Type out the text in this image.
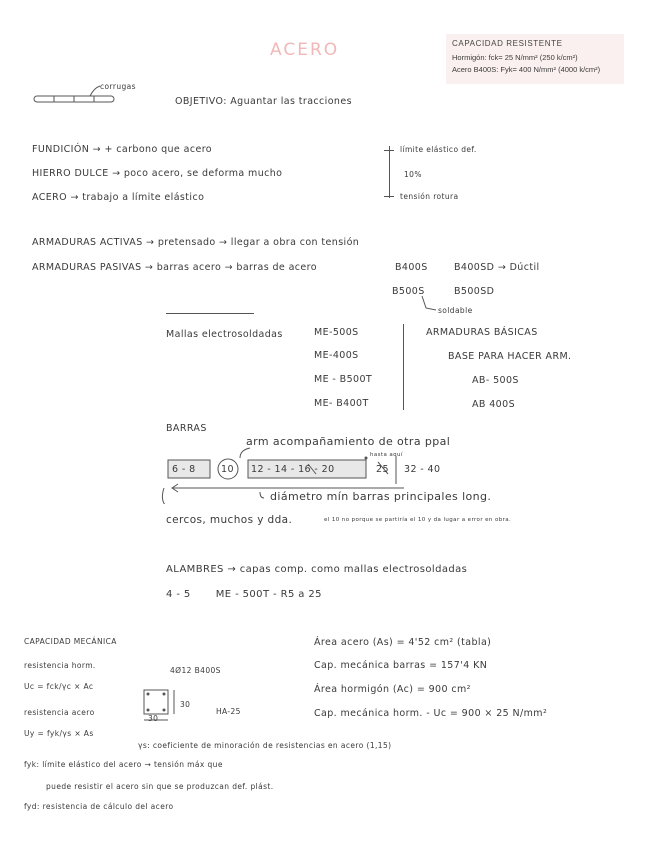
ACERO	CAPACIDAD RESISTENTE
Hormigón: fck= 25 N/mm² (250 k/cm²)
Acero B400S: Fyk= 400 N/mm² (4000 k/cm²)
corrugas
OBJETIVO: Aguantar las tracciones
FUNDICIÓN → + carbono que acero
HIERRO DULCE → poco acero, se deforma mucho
ACERO → trabajo a límite elástico
límite elástico def.
10%
tensión rotura
ARMADURAS ACTIVAS → pretensado → llegar a obra con tensión
ARMADURAS PASIVAS → barras acero → barras de acero	B400S	B400SD → Dúctil
B500S	B500SD
soldable
Mallas electrosoldadas	ME-500S
ME-400S
ME - B500T
ME- B400T
ARMADURAS BÁSICAS
BASE PARA HACER ARM.
AB- 500S
AB 400S
BARRAS
arm acompañamiento de otra ppal
hasta aquí
6 - 8	10 12 - 14 - 16 - 20	25 32 - 40
diámetro mín barras principales long.
cercos, muchos y dda.	el 10 no porque se partiría el 10 y da lugar a error en obra.
ALAMBRES → capas comp. como mallas electrosoldadas
4 - 5       ME - 500T - R5 a 25
CAPACIDAD MECÁNICA
resistencia horm.
Uc = fck/γc × Ac
resistencia acero
Uy = fyk/γs × As
4Ø12 B400S
30
30
HA-25
Área acero (As) = 4'52 cm² (tabla)
Cap. mecánica barras = 157'4 KN
Área hormigón (Ac) = 900 cm²
Cap. mecánica horm. - Uc = 900 × 25 N/mm²
γs: coeficiente de minoración de resistencias en acero (1,15)
fyk: límite elástico del acero → tensión máx que
puede resistir el acero sin que se produzcan def. plást.
fyd: resistencia de cálculo del acero
